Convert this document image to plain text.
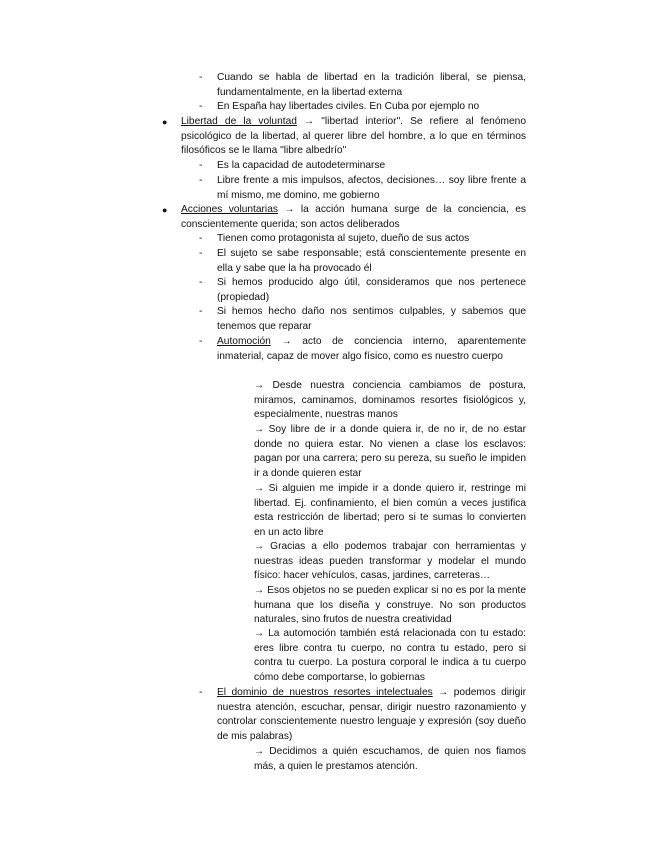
- Cuando se habla de libertad en la tradición liberal, se piensa, fundamentalmente, en la libertad externa
- En España hay libertades civiles. En Cuba por ejemplo no
● Libertad de la voluntad → "libertad interior". Se refiere al fenómeno psicológico de la libertad, al querer libre del hombre, a lo que en términos filosóficos se le llama "libre albedrío"
- Es la capacidad de autodeterminarse
- Libre frente a mis impulsos, afectos, decisiones… soy libre frente a mí mismo, me domino, me gobierno
● Acciones voluntarias → la acción humana surge de la conciencia, es conscientemente querida; son actos deliberados
- Tienen como protagonista al sujeto, dueño de sus actos
- El sujeto se sabe responsable; está conscientemente presente en ella y sabe que la ha provocado él
- Si hemos producido algo útil, consideramos que nos pertenece (propiedad)
- Si hemos hecho daño nos sentimos culpables, y sabemos que tenemos que reparar
- Automoción → acto de conciencia interno, aparentemente inmaterial, capaz de mover algo físico, como es nuestro cuerpo
→ Desde nuestra conciencia cambiamos de postura, miramos, caminamos, dominamos resortes fisiológicos y, especialmente, nuestras manos
→ Soy libre de ir a donde quiera ir, de no ir, de no estar donde no quiera estar. No vienen a clase los esclavos: pagan por una carrera; pero su pereza, su sueño le impiden ir a donde quieren estar
→ Si alguien me impide ir a donde quiero ir, restringe mi libertad. Ej. confinamiento, el bien común a veces justifica esta restricción de libertad; pero si te sumas lo convierten en un acto libre
→ Gracias a ello podemos trabajar con herramientas y nuestras ideas pueden transformar y modelar el mundo físico: hacer vehículos, casas, jardines, carreteras…
→ Esos objetos no se pueden explicar si no es por la mente humana que los diseña y construye. No son productos naturales, sino frutos de nuestra creatividad
→ La automoción también está relacionada con tu estado: eres libre contra tu cuerpo, no contra tu estado, pero si contra tu cuerpo. La postura corporal le indica a tu cuerpo cómo debe comportarse, lo gobiernas
- El dominio de nuestros resortes intelectuales → podemos dirigir nuestra atención, escuchar, pensar, dirigir nuestro razonamiento y controlar conscientemente nuestro lenguaje y expresión (soy dueño de mis palabras)
→ Decidimos a quién escuchamos, de quien nos fiamos más, a quien le prestamos atención.
